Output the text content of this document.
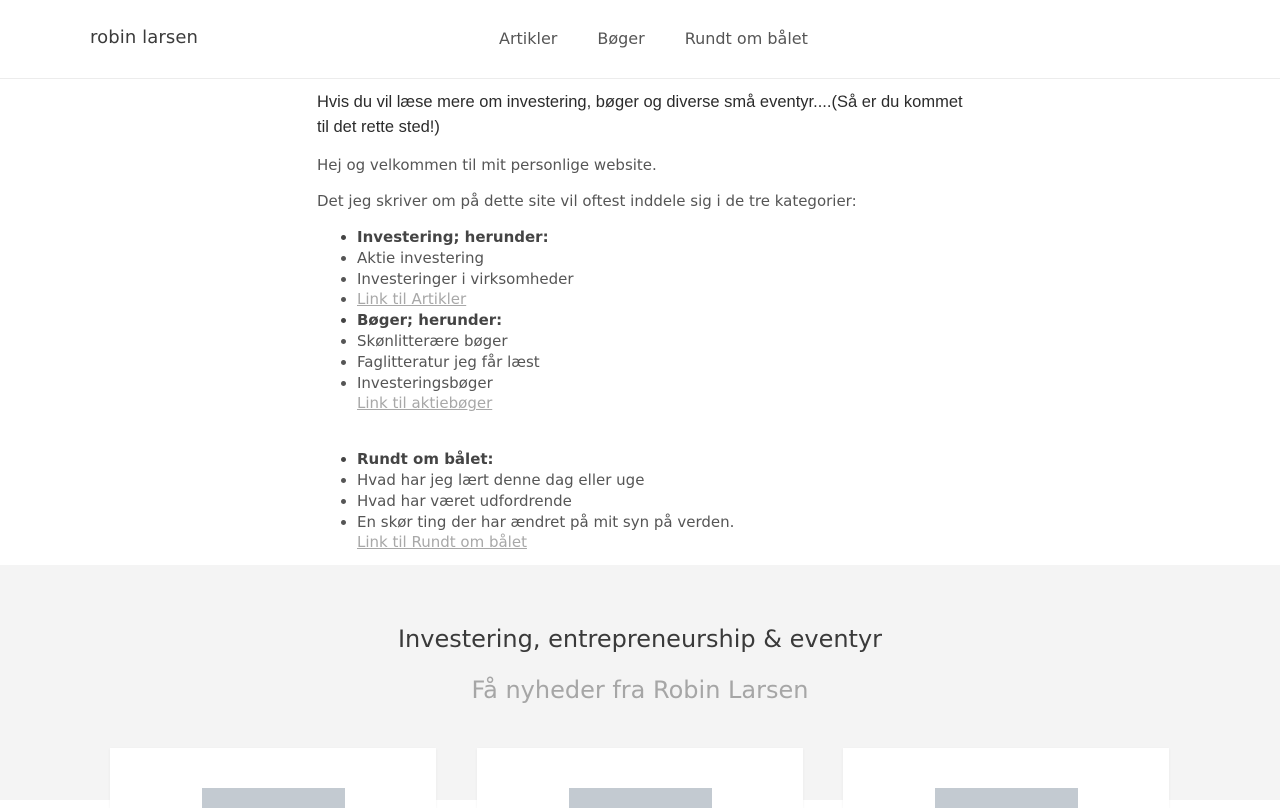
robin larsen	Artikler	Bøger	Rundt om bålet

Hvis du vil læse mere om investering, bøger og diverse små eventyr....(Så er du kommet til det rette sted!)

Hej og velkommen til mit personlige website.

Det jeg skriver om på dette site vil oftest inddele sig i de tre kategorier:

• Investering; herunder:
• Aktie investering
• Investeringer i virksomheder
• Link til Artikler
• Bøger; herunder:
• Skønlitterære bøger
• Faglitteratur jeg får læst
• Investeringsbøger
Link til aktiebøger
• Rundt om bålet:
• Hvad har jeg lært denne dag eller uge
• Hvad har været udfordrende
• En skør ting der har ændret på mit syn på verden.
Link til Rundt om bålet
Investering, entrepreneurship & eventyr
Få nyheder fra Robin Larsen
